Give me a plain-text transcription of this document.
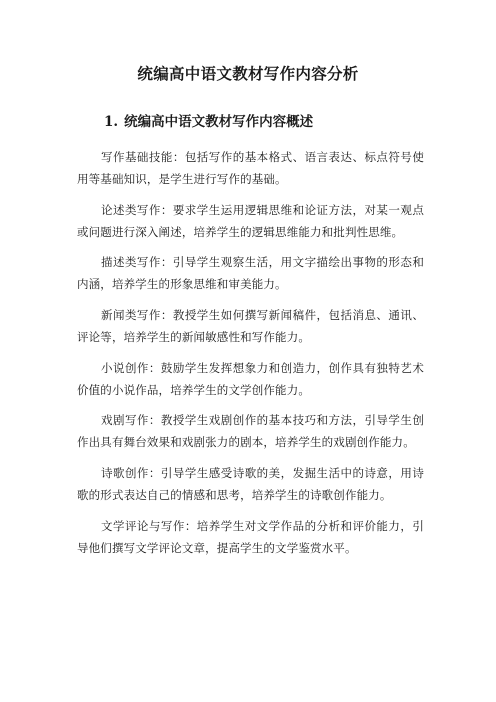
统编高中语文教材写作内容分析
1. 统编高中语文教材写作内容概述

写作基础技能：包括写作的基本格式、语言表达、标点符号使用等基础知识，是学生进行写作的基础。

论述类写作：要求学生运用逻辑思维和论证方法，对某一观点或问题进行深入阐述，培养学生的逻辑思维能力和批判性思维。

描述类写作：引导学生观察生活，用文字描绘出事物的形态和内涵，培养学生的形象思维和审美能力。

新闻类写作：教授学生如何撰写新闻稿件，包括消息、通讯、评论等，培养学生的新闻敏感性和写作能力。

小说创作：鼓励学生发挥想象力和创造力，创作具有独特艺术价值的小说作品，培养学生的文学创作能力。

戏剧写作：教授学生戏剧创作的基本技巧和方法，引导学生创作出具有舞台效果和戏剧张力的剧本，培养学生的戏剧创作能力。

诗歌创作：引导学生感受诗歌的美，发掘生活中的诗意，用诗歌的形式表达自己的情感和思考，培养学生的诗歌创作能力。

文学评论与写作：培养学生对文学作品的分析和评价能力，引导他们撰写文学评论文章，提高学生的文学鉴赏水平。
